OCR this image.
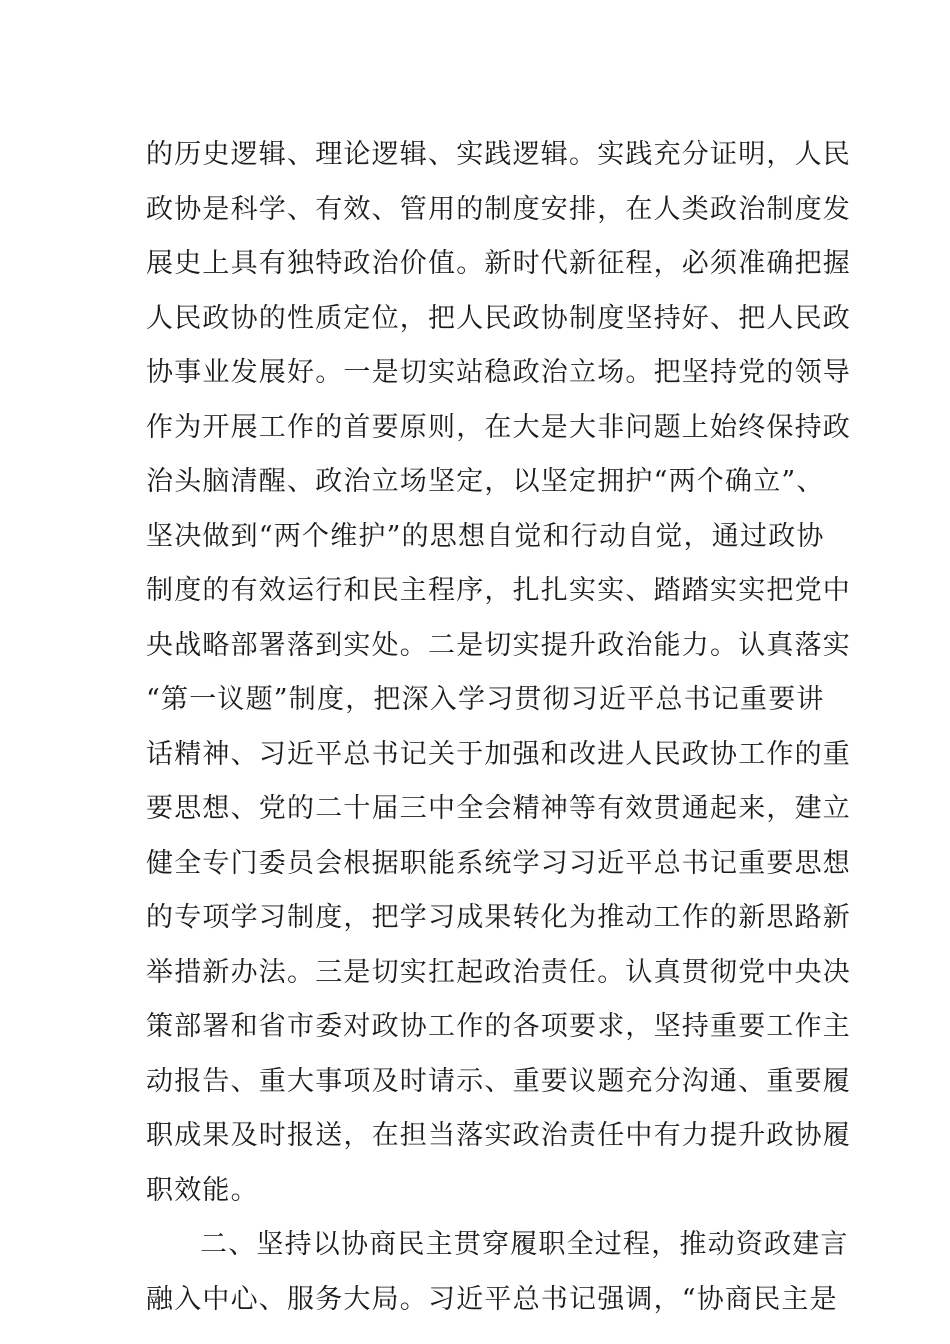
的历史逻辑、理论逻辑、实践逻辑。实践充分证明，人民
政协是科学、有效、管用的制度安排，在人类政治制度发
展史上具有独特政治价值。新时代新征程，必须准确把握
人民政协的性质定位，把人民政协制度坚持好、把人民政
协事业发展好。一是切实站稳政治立场。把坚持党的领导
作为开展工作的首要原则，在大是大非问题上始终保持政
治头脑清醒、政治立场坚定，以坚定拥护“两个确立”、
坚决做到“两个维护”的思想自觉和行动自觉，通过政协
制度的有效运行和民主程序，扎扎实实、踏踏实实把党中
央战略部署落到实处。二是切实提升政治能力。认真落实
“第一议题”制度，把深入学习贯彻习近平总书记重要讲
话精神、习近平总书记关于加强和改进人民政协工作的重
要思想、党的二十届三中全会精神等有效贯通起来，建立
健全专门委员会根据职能系统学习习近平总书记重要思想
的专项学习制度，把学习成果转化为推动工作的新思路新
举措新办法。三是切实扛起政治责任。认真贯彻党中央决
策部署和省市委对政协工作的各项要求，坚持重要工作主
动报告、重大事项及时请示、重要议题充分沟通、重要履
职成果及时报送，在担当落实政治责任中有力提升政协履
职效能。
二、坚持以协商民主贯穿履职全过程，推动资政建言
融入中心、服务大局。习近平总书记强调，“协商民主是
